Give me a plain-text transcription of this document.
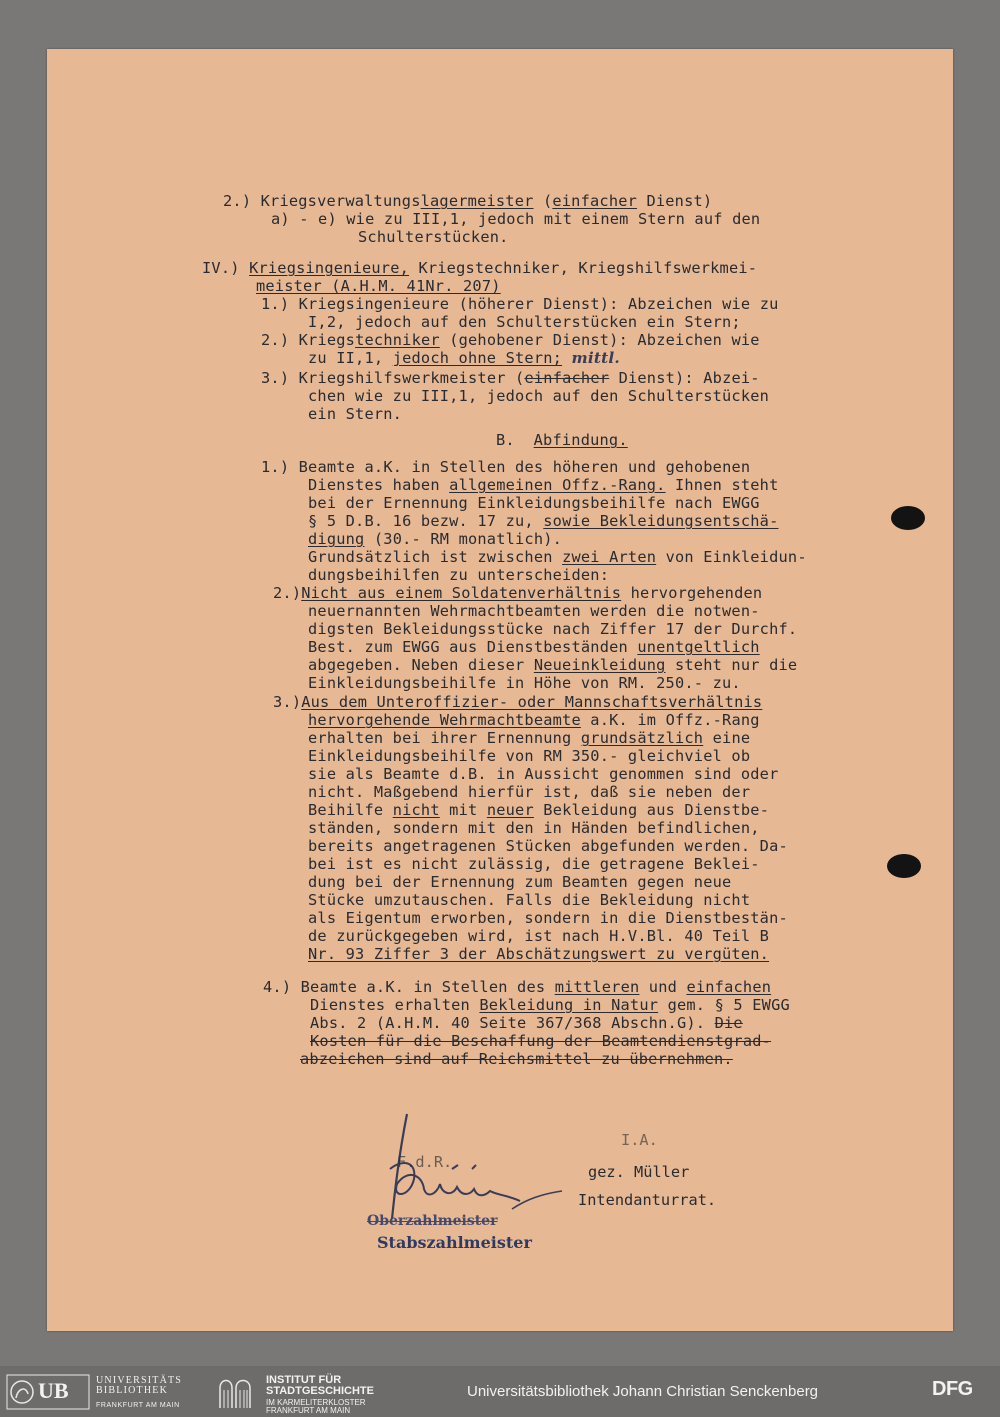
2.) Kriegsverwaltungslagermeister (einfacher Dienst)
a) - e) wie zu III,1, jedoch mit einem Stern auf den
Schulterstücken.
IV.) Kriegsingenieure, Kriegstechniker, Kriegshilfswerkmei-
meister (A.H.M. 41Nr. 207)
1.) Kriegsingenieure (höherer Dienst): Abzeichen wie zu
I,2, jedoch auf den Schulterstücken ein Stern;
2.) Kriegstechniker (gehobener Dienst): Abzeichen wie
zu II,1, jedoch ohne Stern; mittl.
3.) Kriegshilfswerkmeister (einfacher Dienst): Abzei-
chen wie zu III,1, jedoch auf den Schulterstücken
ein Stern.
B.  Abfindung.
1.) Beamte a.K. in Stellen des höheren und gehobenen
Dienstes haben allgemeinen Offz.-Rang. Ihnen steht
bei der Ernennung Einkleidungsbeihilfe nach EWGG
§ 5 D.B. 16 bezw. 17 zu, sowie Bekleidungsentschä-
digung (30.- RM monatlich).
Grundsätzlich ist zwischen zwei Arten von Einkleidun-
dungsbeihilfen zu unterscheiden:
2.)Nicht aus einem Soldatenverhältnis hervorgehenden
neuernannten Wehrmachtbeamten werden die notwen-
digsten Bekleidungsstücke nach Ziffer 17 der Durchf.
Best. zum EWGG aus Dienstbeständen unentgeltlich
abgegeben. Neben dieser Neueinkleidung steht nur die
Einkleidungsbeihilfe in Höhe von RM. 250.- zu.
3.)Aus dem Unteroffizier- oder Mannschaftsverhältnis
hervorgehende Wehrmachtbeamte a.K. im Offz.-Rang
erhalten bei ihrer Ernennung grundsätzlich eine
Einkleidungsbeihilfe von RM 350.- gleichviel ob
sie als Beamte d.B. in Aussicht genommen sind oder
nicht. Maßgebend hierfür ist, daß sie neben der
Beihilfe nicht mit neuer Bekleidung aus Dienstbe-
ständen, sondern mit den in Händen befindlichen,
bereits angetragenen Stücken abgefunden werden. Da-
bei ist es nicht zulässig, die getragene Beklei-
dung bei der Ernennung zum Beamten gegen neue
Stücke umzutauschen. Falls die Bekleidung nicht
als Eigentum erworben, sondern in die Dienstbestän-
de zurückgegeben wird, ist nach H.V.Bl. 40 Teil B
Nr. 93 Ziffer 3 der Abschätzungswert zu vergüten.
4.) Beamte a.K. in Stellen des mittleren und einfachen
Dienstes erhalten Bekleidung in Natur gem. § 5 EWGG
Abs. 2 (A.H.M. 40 Seite 367/368 Abschn.G). Die
Kosten für die Beschaffung der Beamtendienstgrad-
abzeichen sind auf Reichsmittel zu übernehmen.
F.d.R.
I.A.
gez. Müller
Intendanturrat.
Oberzahlmeister
Stabszahlmeister
UB	UNIVERSITÄTS
BIBLIOTHEK
FRANKFURT AM MAIN
INSTITUT FÜR
STADTGESCHICHTE
IM KARMELITERKLOSTER
FRANKFURT AM MAIN
Universitätsbibliothek Johann Christian Senckenberg	DFG
